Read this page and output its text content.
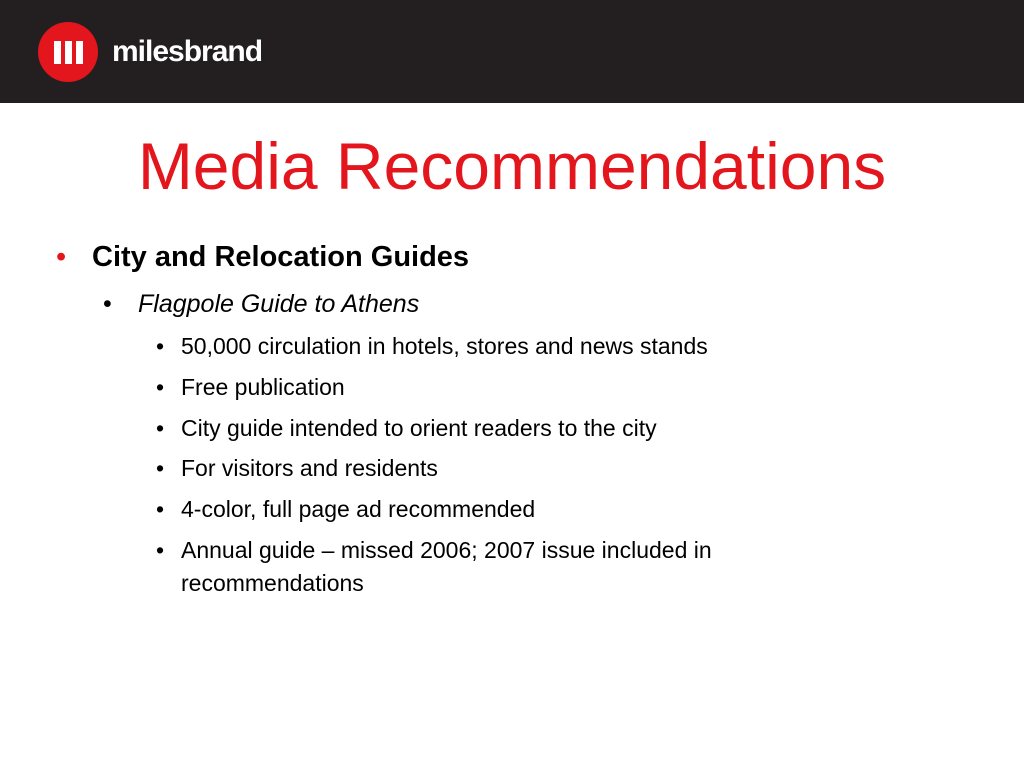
milesbrand
Media Recommendations
• City and Relocation Guides
• Flagpole Guide to Athens
• 50,000 circulation in hotels, stores and news stands
• Free publication
• City guide intended to orient readers to the city
• For visitors and residents
• 4-color, full page ad recommended
• Annual guide – missed 2006; 2007 issue included in recommendations
